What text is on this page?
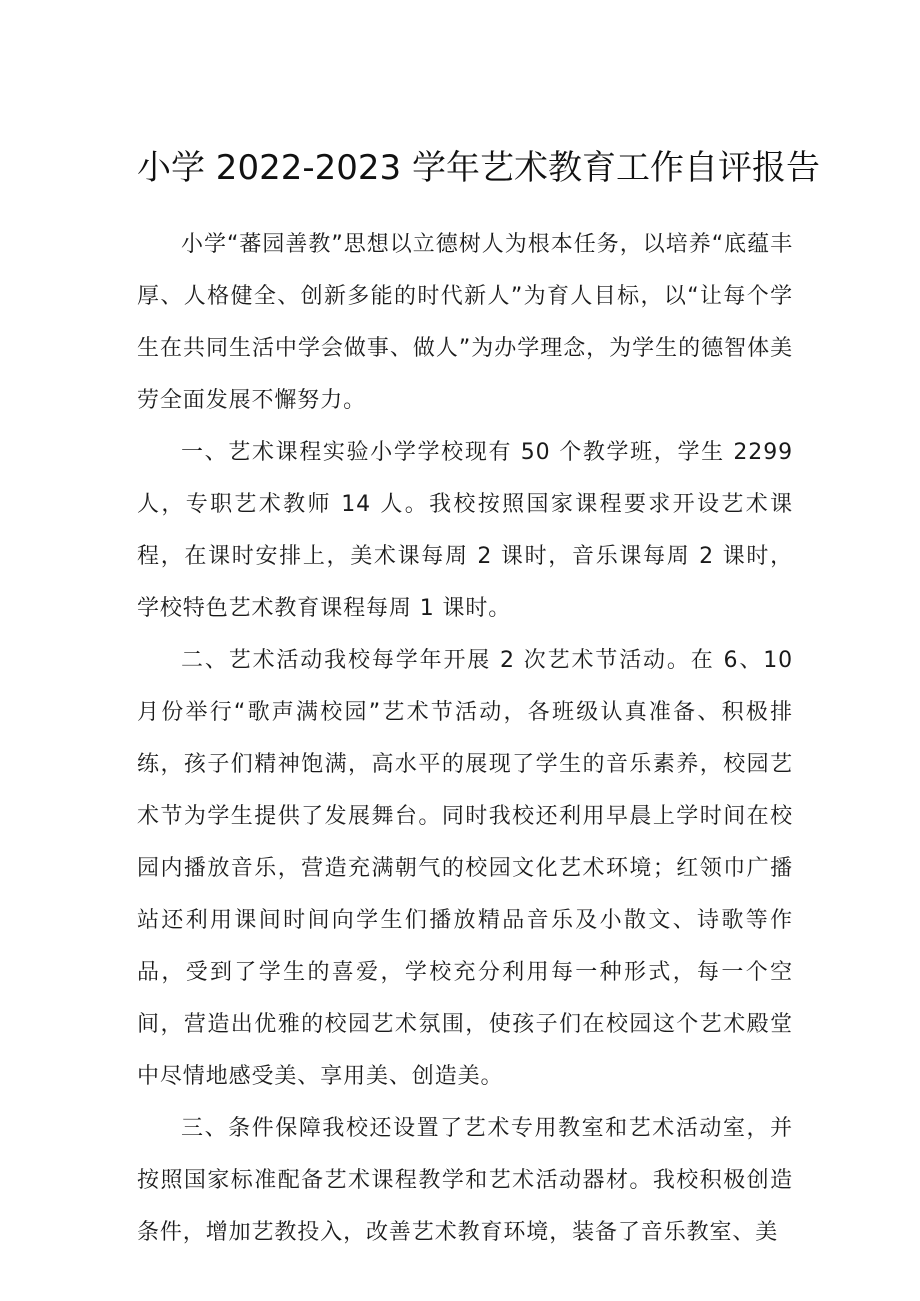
小学 2022-2023 学年艺术教育工作自评报告

小学“蕃园善教”思想以立德树人为根本任务，以培养“底蕴丰厚、人格健全、创新多能的时代新人”为育人目标，以“让每个学生在共同生活中学会做事、做人”为办学理念，为学生的德智体美劳全面发展不懈努力。

一、艺术课程实验小学学校现有 50 个教学班，学生 2299 人，专职艺术教师 14 人。我校按照国家课程要求开设艺术课程，在课时安排上，美术课每周 2 课时，音乐课每周 2 课时，学校特色艺术教育课程每周 1 课时。

二、艺术活动我校每学年开展 2 次艺术节活动。在 6、10 月份举行“歌声满校园”艺术节活动，各班级认真准备、积极排练，孩子们精神饱满，高水平的展现了学生的音乐素养，校园艺术节为学生提供了发展舞台。同时我校还利用早晨上学时间在校园内播放音乐，营造充满朝气的校园文化艺术环境；红领巾广播站还利用课间时间向学生们播放精品音乐及小散文、诗歌等作品，受到了学生的喜爱，学校充分利用每一种形式，每一个空间，营造出优雅的校园艺术氛围，使孩子们在校园这个艺术殿堂中尽情地感受美、享用美、创造美。

三、条件保障我校还设置了艺术专用教室和艺术活动室，并按照国家标准配备艺术课程教学和艺术活动器材。我校积极创造条件，增加艺教投入，改善艺术教育环境，装备了音乐教室、美
